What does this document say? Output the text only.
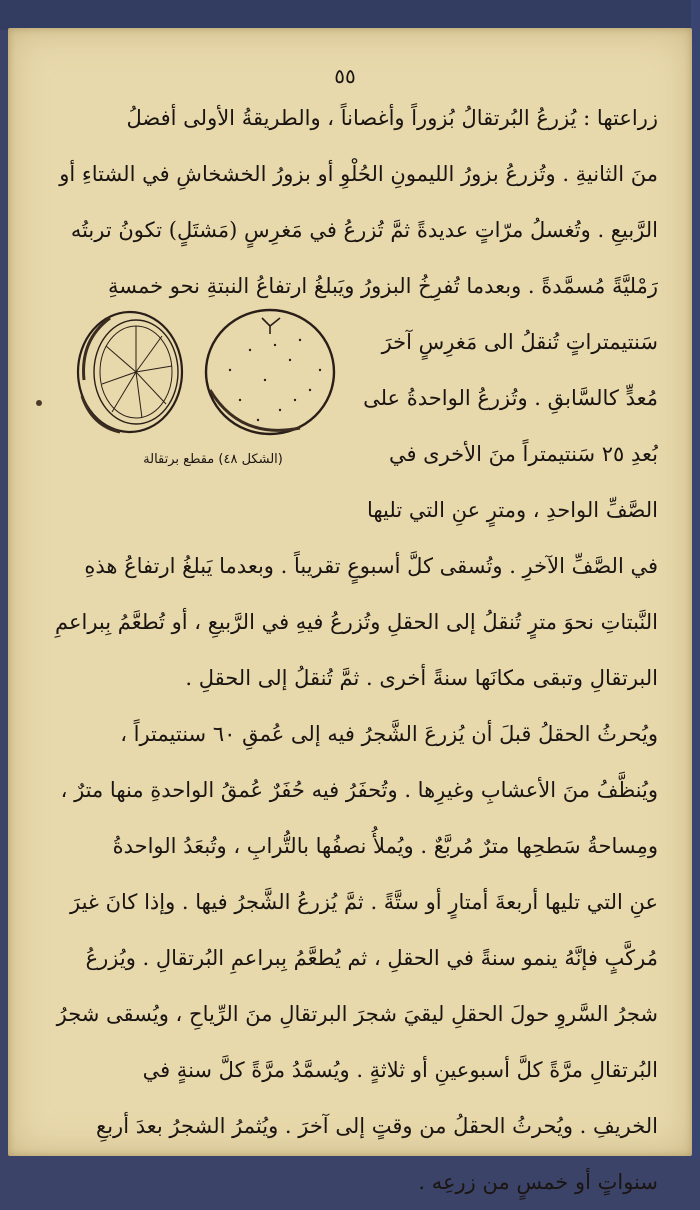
٥٥
زراعتها : يُزرعُ البُرتقالُ بُزوراً وأغصاناً ، والطريقةُ الأولى أفضلُ
منَ الثانيةِ . وتُزرعُ بزورُ الليمونِ الحُلْوِ أو بزورُ الخشخاشِ في الشتاءِ أو
الرَّبيعِ . وتُغسلُ مرّاتٍ عديدةً ثمَّ تُزرعُ في مَغرِسٍ (مَشتَلٍ) تكونُ تربتُه
رَمْليَّةً مُسمَّدةً . وبعدما تُفرِخُ البزورُ ويَبلغُ ارتفاعُ النبتةِ نحو خمسةِ
سَنتيمتراتٍ تُنقلُ الى مَغرِسٍ آخرَ
مُعدٍّ كالسَّابقِ . وتُزرعُ الواحدةُ على
بُعدِ ٢٥ سَنتيمتراً منَ الأخرى في
الصَّفِّ الواحدِ ، ومترٍ عنِ التي تليها
في الصَّفِّ الآخرِ . وتُسقى كلَّ أسبوعٍ تقريباً . وبعدما يَبلغُ ارتفاعُ هذهِ
النَّبتاتِ نحوَ مترٍ تُنقلُ إلى الحقلِ وتُزرعُ فيهِ في الرَّبيعِ ، أو تُطعَّمُ بِبراعمِ
البرتقالِ وتبقى مكانَها سنةً أخرى . ثمَّ تُنقلُ إلى الحقلِ .
ويُحرثُ الحقلُ قبلَ أن يُزرعَ الشَّجرُ فيه إلى عُمقِ ٦٠ سنتيمتراً ،
ويُنظَّفُ منَ الأعشابِ وغيرِها . وتُحفَرُ فيه حُفَرٌ عُمقُ الواحدةِ منها مترٌ ،
ومِساحةُ سَطحِها مترٌ مُربَّعٌ . ويُملأُ نصفُها بالتُّرابِ ، وتُبعَدُ الواحدةُ
عنِ التي تليها أربعةَ أمتارٍ أو ستَّةً . ثمَّ يُزرعُ الشَّجرُ فيها . وإذا كانَ غيرَ
مُركَّبٍ فإنَّهُ ينمو سنةً في الحقلِ ، ثم يُطعَّمُ بِبراعمِ البُرتقالِ . ويُزرعُ
شجرُ السَّروِ حولَ الحقلِ ليقيَ شجرَ البرتقالِ منَ الرِّياحِ ، ويُسقى شجرُ
البُرتقالِ مرَّةً كلَّ أسبوعينِ أو ثلاثةٍ . ويُسمَّدُ مرَّةً كلَّ سنةٍ في
الخريفِ . ويُحرثُ الحقلُ من وقتٍ إلى آخرَ . ويُثمرُ الشجرُ بعدَ أربعِ
سنواتٍ أو خمسٍ من زرعِه .
(الشكل ٤٨) مقطع برتقالة
